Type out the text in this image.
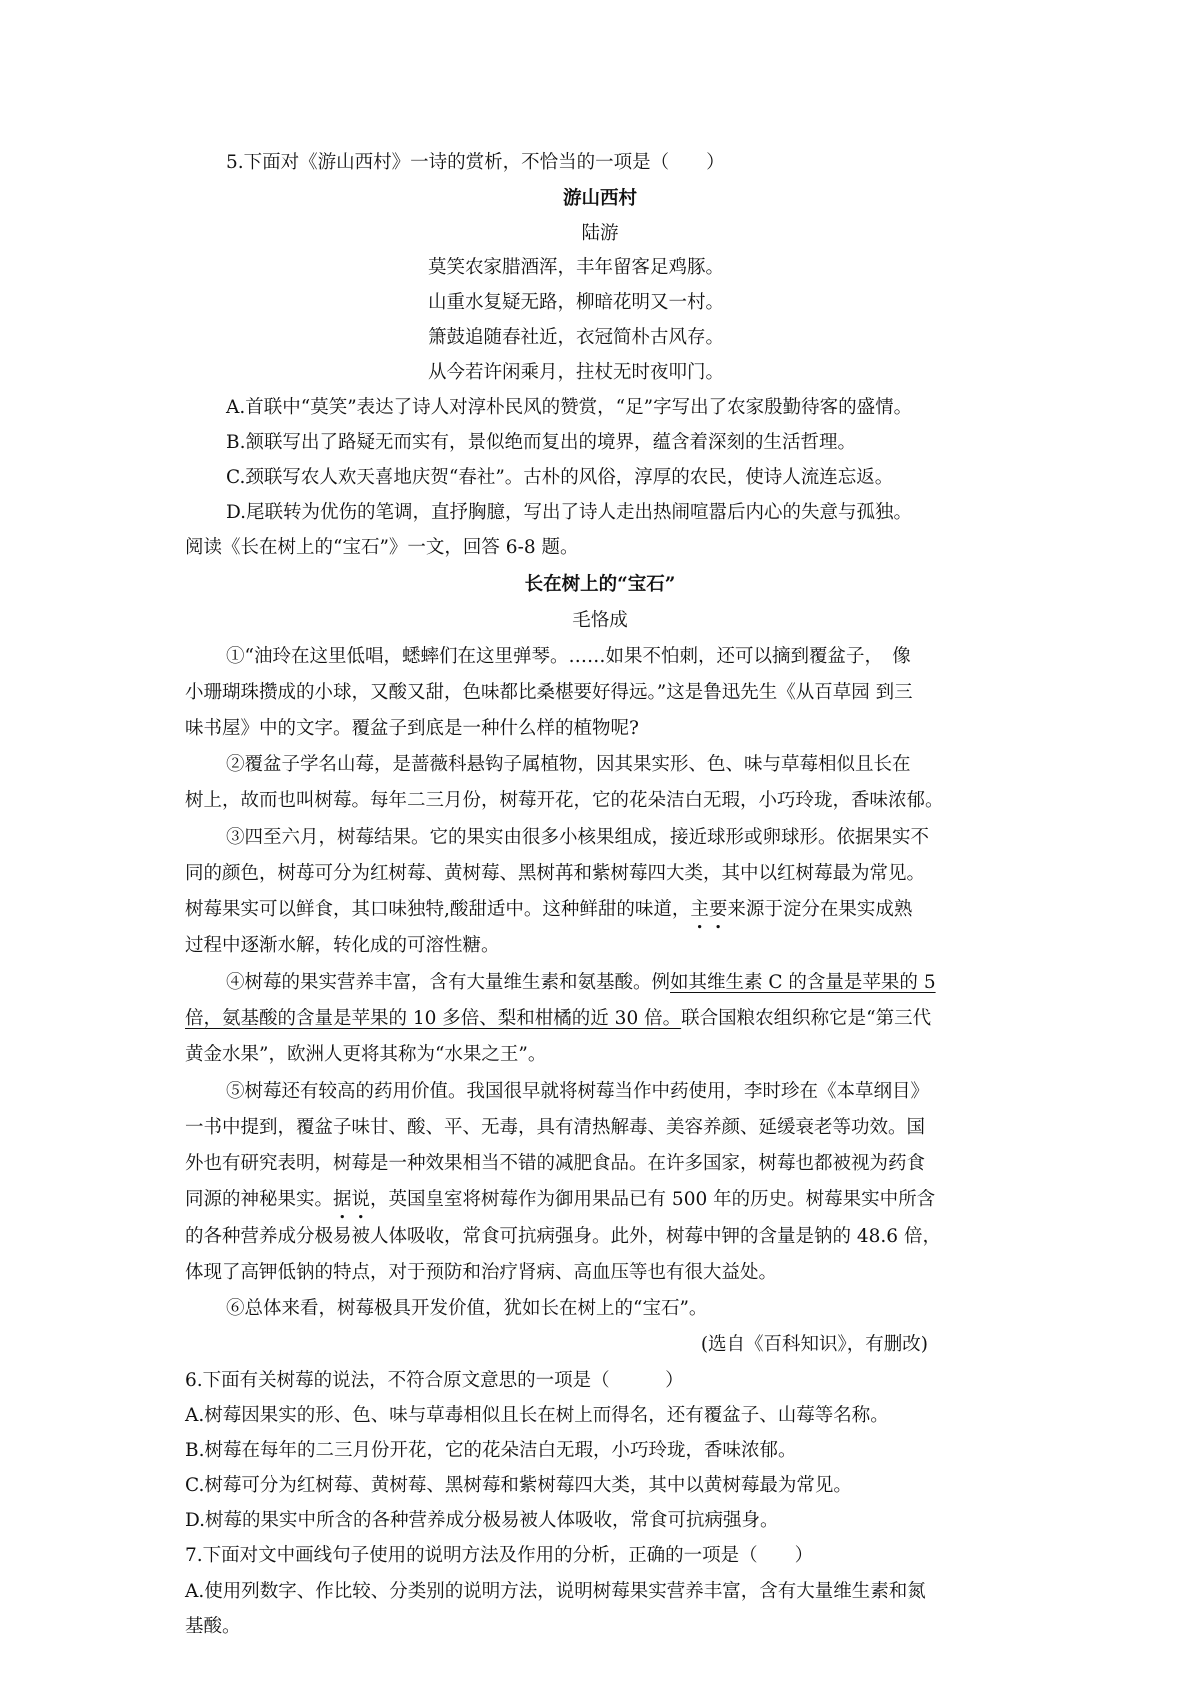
5.下面对《游山西村》一诗的赏析，不恰当的一项是（　　）
游山西村
陆游
莫笑农家腊酒浑，丰年留客足鸡豚。
山重水复疑无路，柳暗花明又一村。
箫鼓追随春社近，衣冠简朴古风存。
从今若许闲乘月，拄杖无时夜叩门。
A.首联中“莫笑”表达了诗人对淳朴民风的赞赏，“足”字写出了农家殷勤待客的盛情。
B.颔联写出了路疑无而实有，景似绝而复出的境界，蕴含着深刻的生活哲理。
C.颈联写农人欢天喜地庆贺“春社”。古朴的风俗，淳厚的农民，使诗人流连忘返。
D.尾联转为优伤的笔调，直抒胸臆，写出了诗人走出热闹喧嚣后内心的失意与孤独。
阅读《长在树上的“宝石”》一文，回答 6-8 题。
长在树上的“宝石”
毛恪成
①“油玲在这里低唱，蟋蟀们在这里弹琴。……如果不怕刺，还可以摘到覆盆子，　像
小珊瑚珠攒成的小球，又酸又甜，色味都比桑椹要好得远。”这是鲁迅先生《从百草园 到三
味书屋》中的文字。覆盆子到底是一种什么样的植物呢?
②覆盆子学名山莓，是蔷薇科悬钩子属植物，因其果实形、色、味与草莓相似且长在
树上，故而也叫树莓。每年二三月份，树莓开花，它的花朵洁白无瑕，小巧玲珑，香味浓郁。
③四至六月，树莓结果。它的果实由很多小核果组成，接近球形或卵球形。依据果实不
同的颜色，树苺可分为红树莓、黄树莓、黑树苒和紫树莓四大类，其中以红树莓最为常见。
树莓果实可以鲜食，其口味独特,酸甜适中。这种鲜甜的味道，主要来源于淀分在果实成熟
过程中逐渐水解，转化成的可溶性糖。
④树莓的果实营养丰富，含有大量维生素和氨基酸。例如其维生素 C 的含量是苹果的 5
倍，氨基酸的含量是苹果的 10 多倍、梨和柑橘的近 30 倍。联合国粮农组织称它是“第三代
黄金水果”，欧洲人更将其称为“水果之王”。
⑤树莓还有较高的药用价值。我国很早就将树莓当作中药使用，李时珍在《本草纲目》
一书中提到，覆盆子味甘、酸、平、无毒，具有清热解毒、美容养颜、延缓衰老等功效。国
外也有研究表明，树莓是一种效果相当不错的减肥食品。在许多国家，树莓也都被视为药食
同源的神秘果实。据说，英国皇室将树莓作为御用果品已有 500 年的历史。树莓果实中所含
的各种营养成分极易被人体吸收，常食可抗病强身。此外，树莓中钾的含量是钠的 48.6 倍，
体现了高钾低钠的特点，对于预防和治疗肾病、高血压等也有很大益处。
⑥总体来看，树莓极具开发价值，犹如长在树上的“宝石”。
(选自《百科知识》，有删改)
6.下面有关树莓的说法，不符合原文意思的一项是（　　　）
A.树莓因果实的形、色、味与草毒相似且长在树上而得名，还有覆盆子、山莓等名称。
B.树莓在每年的二三月份开花，它的花朵洁白无瑕，小巧玲珑，香味浓郁。
C.树莓可分为红树莓、黄树莓、黑树莓和紫树莓四大类，其中以黄树莓最为常见。
D.树莓的果实中所含的各种营养成分极易被人体吸收，常食可抗病强身。
7.下面对文中画线句子使用的说明方法及作用的分析，正确的一项是（　　）
A.使用列数字、作比较、分类别的说明方法，说明树莓果实营养丰富，含有大量维生素和氮
基酸。
